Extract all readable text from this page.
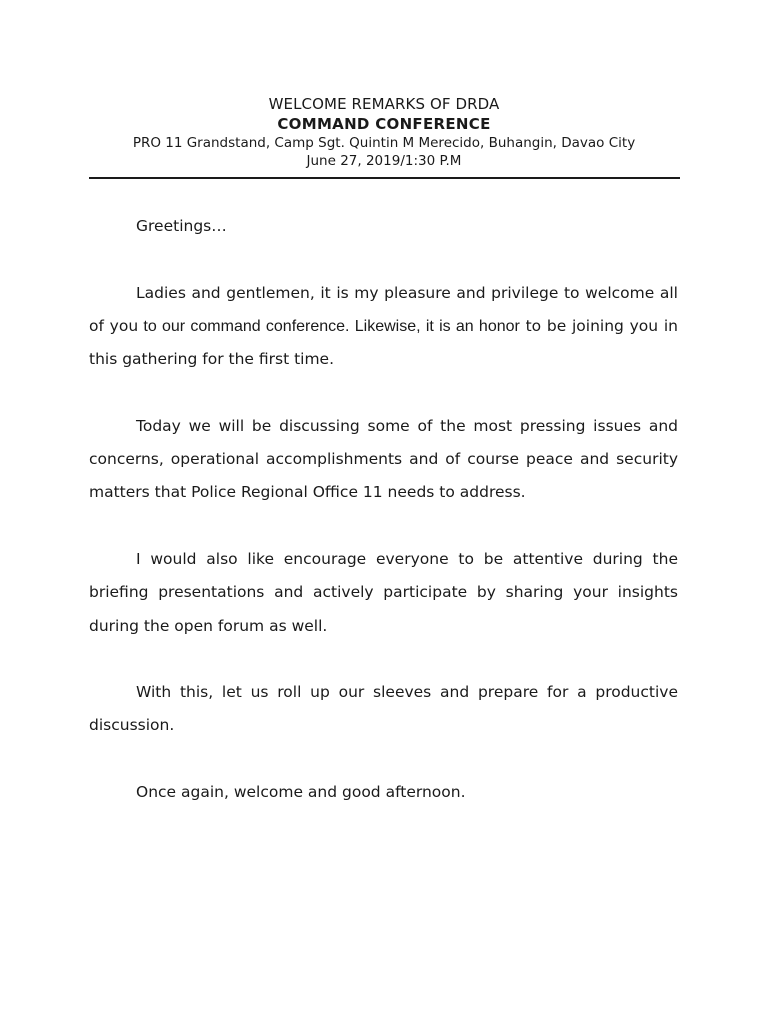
WELCOME REMARKS OF DRDA
COMMAND CONFERENCE
PRO 11 Grandstand, Camp Sgt. Quintin M Merecido, Buhangin, Davao City
June 27, 2019/1:30 P.M

Greetings…

Ladies and gentlemen, it is my pleasure and privilege to welcome all of you to our command conference. Likewise, it is an honor to be joining you in this gathering for the first time.

Today we will be discussing some of the most pressing issues and concerns, operational accomplishments and of course peace and security matters that Police Regional Office 11 needs to address.

I would also like encourage everyone to be attentive during the briefing presentations and actively participate by sharing your insights during the open forum as well.

With this, let us roll up our sleeves and prepare for a productive discussion.

Once again, welcome and good afternoon.
